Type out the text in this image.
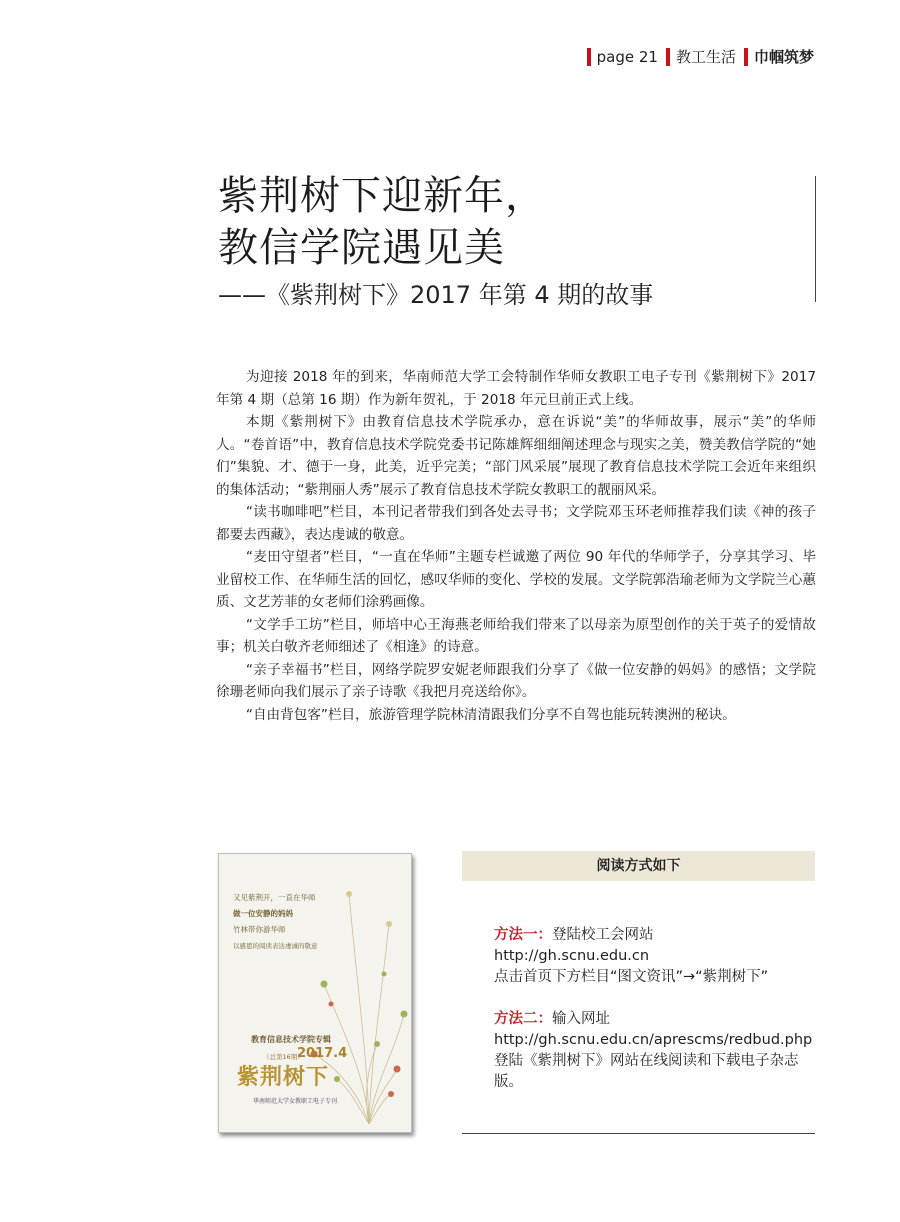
page 21 教工生活 巾帼筑梦
紫荆树下迎新年，
教信学院遇见美
——《紫荆树下》2017 年第 4 期的故事

为迎接 2018 年的到来，华南师范大学工会特制作华师女教职工电子专刊《紫荆树下》2017 年第 4 期（总第 16 期）作为新年贺礼，于 2018 年元旦前正式上线。

本期《紫荆树下》由教育信息技术学院承办，意在诉说“美”的华师故事，展示“美”的华师人。“卷首语”中，教育信息技术学院党委书记陈雄辉细细阐述理念与现实之美，赞美教信学院的“她们”集貌、才、德于一身，此美，近乎完美；“部门风采展”展现了教育信息技术学院工会近年来组织的集体活动；“紫荆丽人秀”展示了教育信息技术学院女教职工的靓丽风采。

“读书咖啡吧”栏目，本刊记者带我们到各处去寻书；文学院邓玉环老师推荐我们读《神的孩子都要去西藏》，表达虔诚的敬意。

“麦田守望者”栏目，“一直在华师”主题专栏诚邀了两位 90 年代的华师学子，分享其学习、毕业留校工作、在华师生活的回忆，感叹华师的变化、学校的发展。文学院郭浩瑜老师为文学院兰心蕙质、文艺芳菲的女老师们涂鸦画像。

“文学手工坊”栏目，师培中心王海燕老师给我们带来了以母亲为原型创作的关于英子的爱情故事；机关白敬齐老师细述了《相逢》的诗意。

“亲子幸福书”栏目，网络学院罗安妮老师跟我们分享了《做一位安静的妈妈》的感悟；文学院徐珊老师向我们展示了亲子诗歌《我把月亮送给你》。

“自由背包客”栏目，旅游管理学院林清清跟我们分享不自驾也能玩转澳洲的秘诀。

又见紫荆开，一直在华师
做一位安静的妈妈
竹林带你游华师
以感恩的阅读表达虔诚的敬意
教育信息技术学院专辑
（总第16期）
2017.4
紫荆树下
华南师范大学女教职工电子专刊
阅读方式如下

方法一：登陆校工会网站 http://gh.scnu.edu.cn

点击首页下方栏目“图文资讯”→“紫荆树下”

方法二：输入网址 http://gh.scnu.edu.cn/aprescms/redbud.php

登陆《紫荆树下》网站在线阅读和下载电子杂志版。
